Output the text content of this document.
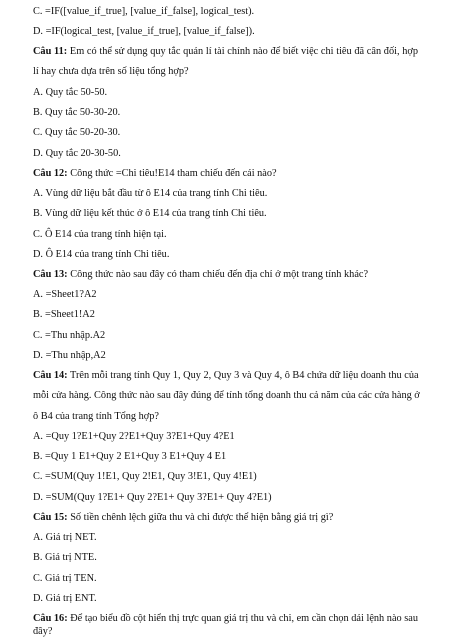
C. =IF([value_if_true], [value_if_false], logical_test).
D. =IF(logical_test, [value_if_true], [value_if_false]).
Câu 11: Em có thể sử dụng quy tắc quản lí tài chính nào để biết việc chi tiêu đã cân đối, hợp
lí hay chưa dựa trên số liệu tổng hợp?
A. Quy tắc 50-50.
B. Quy tắc 50-30-20.
C. Quy tắc 50-20-30.
D. Quy tắc 20-30-50.
Câu 12: Công thức =Chi tiêu!E14 tham chiếu đến cái nào?
A. Vùng dữ liệu bắt đầu từ ô E14 của trang tính Chi tiêu.
B. Vùng dữ liệu kết thúc ở ô E14 của trang tính Chi tiêu.
C. Ô E14 của trang tính hiện tại.
D. Ô E14 của trang tính Chi tiêu.
Câu 13: Công thức nào sau đây có tham chiếu đến địa chỉ ở một trang tính khác?
A. =Sheet1?A2
B. =Sheet1!A2
C. =Thu nhập.A2
D. =Thu nhập,A2
Câu 14: Trên mỗi trang tính Quy 1, Quy 2, Quy 3 và Quy 4, ô B4 chứa dữ liệu doanh thu của
mỗi cửa hàng. Công thức nào sau đây đúng để tính tổng doanh thu cả năm của các cửa hàng ở
ô B4 của trang tính Tổng hợp?
A. =Quy 1?E1+Quy 2?E1+Quy 3?E1+Quy 4?E1
B. =Quy 1 E1+Quy 2 E1+Quy 3 E1+Quy 4 E1
C. =SUM(Quy 1!E1, Quy 2!E1, Quy 3!E1, Quy 4!E1)
D. =SUM(Quy 1?E1+ Quy 2?E1+ Quy 3?E1+ Quy 4?E1)
Câu 15: Số tiền chênh lệch giữa thu và chi được thể hiện bằng giá trị gì?
A. Giá trị NET.
B. Giá trị NTE.
C. Giá trị TEN.
D. Giá trị ENT.
Câu 16: Để tạo biểu đồ cột hiển thị trực quan giá trị thu và chi, em cần chọn dải lệnh nào sau
đây?
